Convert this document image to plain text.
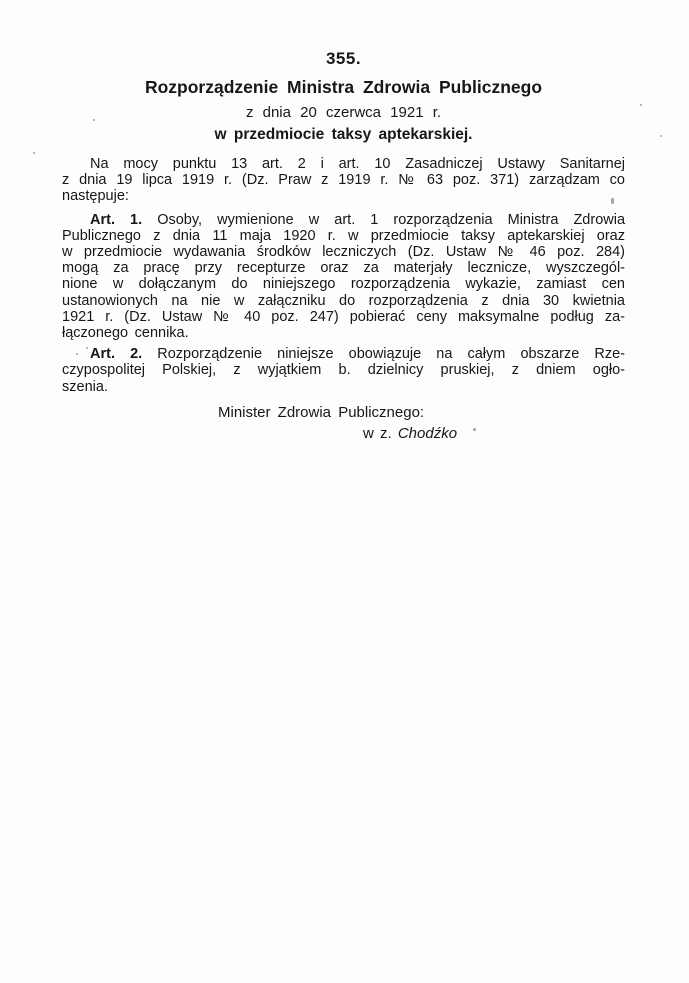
355.
Rozporządzenie Ministra Zdrowia Publicznego
z dnia 20 czerwca 1921 r.
w przedmiocie taksy aptekarskiej.
Na mocy punktu 13 art. 2 i art. 10 Zasadniczej Ustawy Sanitarnej
z dnia 19 lipca 1919 r. (Dz. Praw z 1919 r. № 63 poz. 371) zarządzam co
następuje:
Art. 1. Osoby, wymienione w art. 1 rozporządzenia Ministra Zdrowia
Publicznego z dnia 11 maja 1920 r. w przedmiocie taksy aptekarskiej oraz
w przedmiocie wydawania środków leczniczych (Dz. Ustaw № 46 poz. 284)
mogą za pracę przy recepturze oraz za materjały lecznicze, wyszczegól-
nione w dołączanym do niniejszego rozporządzenia wykazie, zamiast cen
ustanowionych na nie w załączniku do rozporządzenia z dnia 30 kwietnia
1921 r. (Dz. Ustaw № 40 poz. 247) pobierać ceny maksymalne podług za-
łączonego cennika.
Art. 2. Rozporządzenie niniejsze obowiązuje na całym obszarze Rze-
czypospolitej Polskiej, z wyjątkiem b. dzielnicy pruskiej, z dniem ogło-
szenia.
Minister Zdrowia Publicznego:
w z. Chodźko
